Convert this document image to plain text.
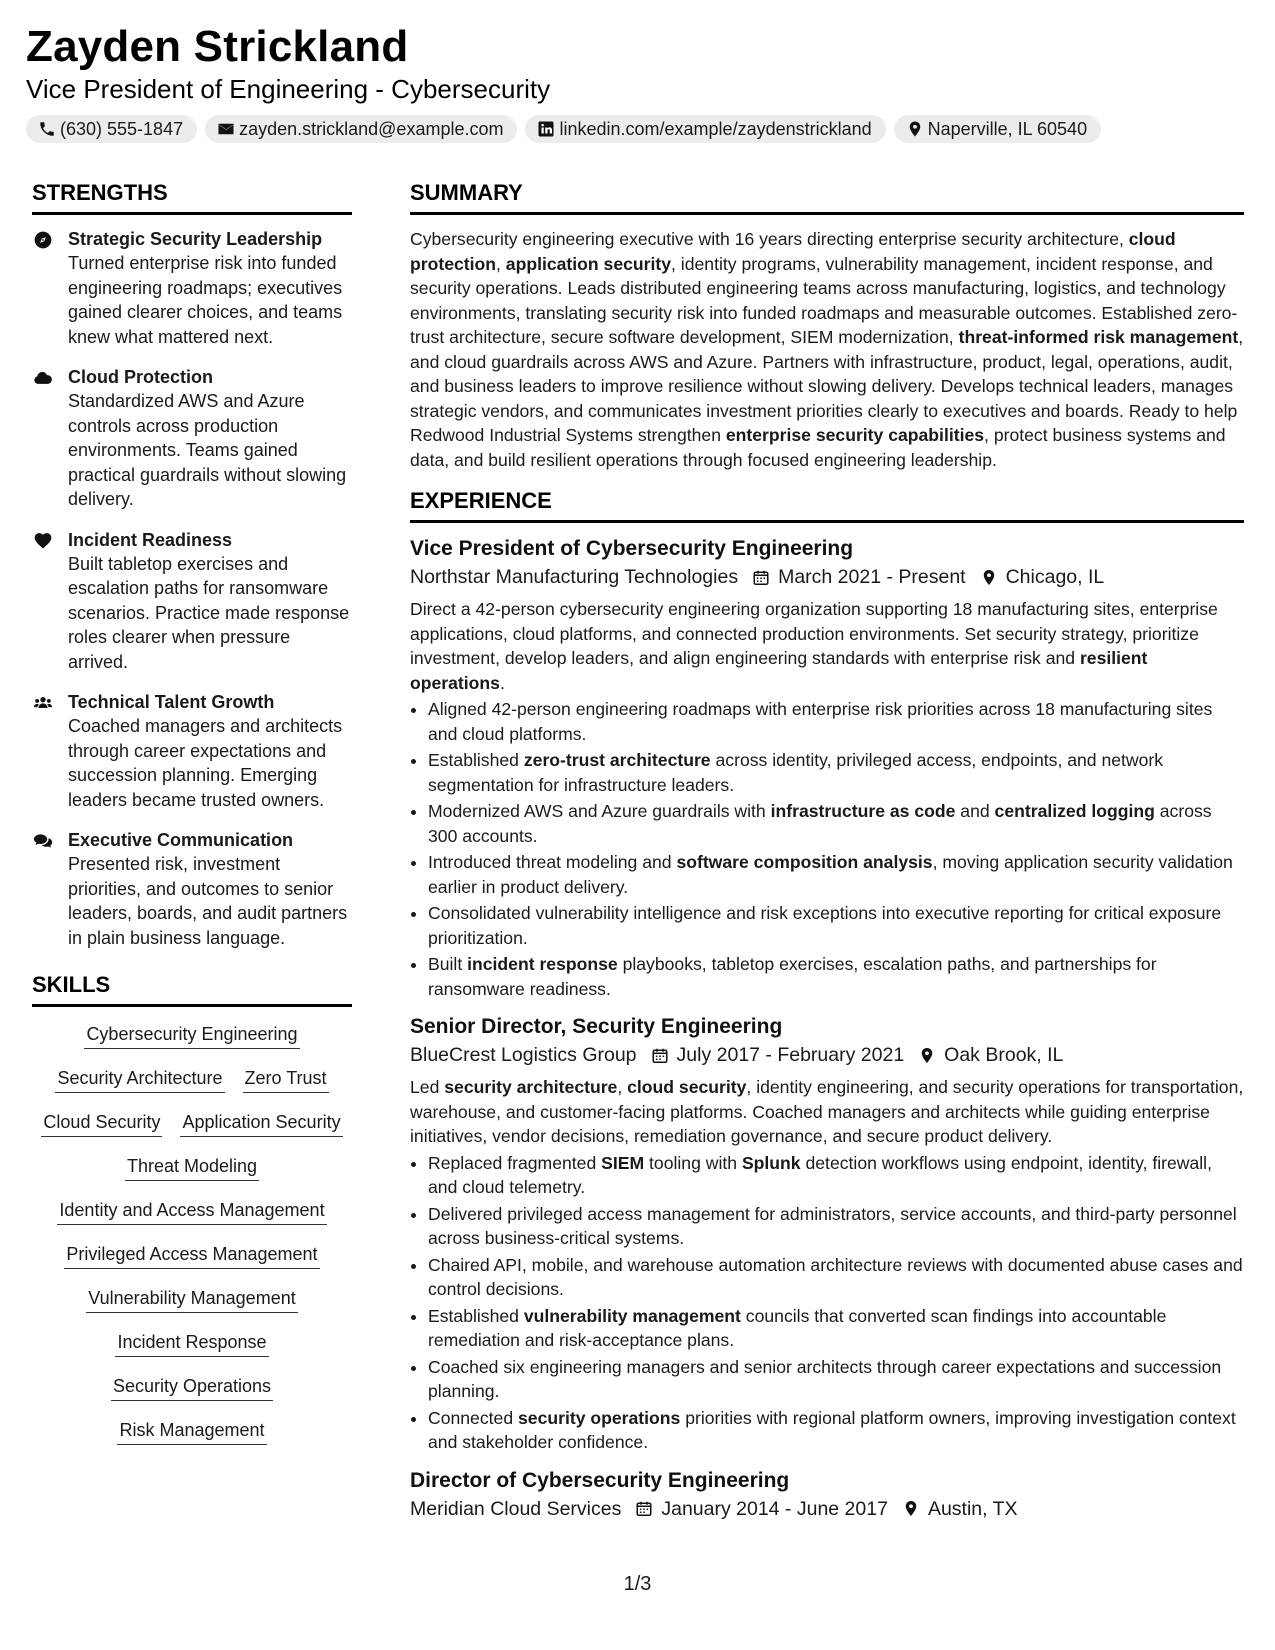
Zayden Strickland
Vice President of Engineering - Cybersecurity
(630) 555-1847	zayden.strickland@example.com	linkedin.com/example/zaydenstrickland	Naperville, IL 60540
STRENGTHS
Strategic Security Leadership
Turned enterprise risk into funded engineering roadmaps; executives gained clearer choices, and teams knew what mattered next.
Cloud Protection
Standardized AWS and Azure controls across production environments. Teams gained practical guardrails without slowing delivery.
Incident Readiness
Built tabletop exercises and escalation paths for ransomware scenarios. Practice made response roles clearer when pressure arrived.
Technical Talent Growth
Coached managers and architects through career expectations and succession planning. Emerging leaders became trusted owners.
Executive Communication
Presented risk, investment priorities, and outcomes to senior leaders, boards, and audit partners in plain business language.
SKILLS
Cybersecurity Engineering
Security Architecture Zero Trust
Cloud Security Application Security
Threat Modeling
Identity and Access Management
Privileged Access Management
Vulnerability Management
Incident Response
Security Operations
Risk Management
SUMMARY
Cybersecurity engineering executive with 16 years directing enterprise security architecture, cloud protection, application security, identity programs, vulnerability management, incident response, and security operations. Leads distributed engineering teams across manufacturing, logistics, and technology environments, translating security risk into funded roadmaps and measurable outcomes. Established zero-trust architecture, secure software development, SIEM modernization, threat-informed risk management, and cloud guardrails across AWS and Azure. Partners with infrastructure, product, legal, operations, audit, and business leaders to improve resilience without slowing delivery. Develops technical leaders, manages strategic vendors, and communicates investment priorities clearly to executives and boards. Ready to help Redwood Industrial Systems strengthen enterprise security capabilities, protect business systems and data, and build resilient operations through focused engineering leadership.
EXPERIENCE
Vice President of Cybersecurity Engineering
Northstar Manufacturing Technologies March 2021 - Present Chicago, IL
Direct a 42-person cybersecurity engineering organization supporting 18 manufacturing sites, enterprise applications, cloud platforms, and connected production environments. Set security strategy, prioritize investment, develop leaders, and align engineering standards with enterprise risk and resilient operations.
• Aligned 42-person engineering roadmaps with enterprise risk priorities across 18 manufacturing sites and cloud platforms.
• Established zero-trust architecture across identity, privileged access, endpoints, and network segmentation for infrastructure leaders.
• Modernized AWS and Azure guardrails with infrastructure as code and centralized logging across 300 accounts.
• Introduced threat modeling and software composition analysis, moving application security validation earlier in product delivery.
• Consolidated vulnerability intelligence and risk exceptions into executive reporting for critical exposure prioritization.
• Built incident response playbooks, tabletop exercises, escalation paths, and partnerships for ransomware readiness.
Senior Director, Security Engineering
BlueCrest Logistics Group July 2017 - February 2021 Oak Brook, IL
Led security architecture, cloud security, identity engineering, and security operations for transportation, warehouse, and customer-facing platforms. Coached managers and architects while guiding enterprise initiatives, vendor decisions, remediation governance, and secure product delivery.
• Replaced fragmented SIEM tooling with Splunk detection workflows using endpoint, identity, firewall, and cloud telemetry.
• Delivered privileged access management for administrators, service accounts, and third-party personnel across business-critical systems.
• Chaired API, mobile, and warehouse automation architecture reviews with documented abuse cases and control decisions.
• Established vulnerability management councils that converted scan findings into accountable remediation and risk-acceptance plans.
• Coached six engineering managers and senior architects through career expectations and succession planning.
• Connected security operations priorities with regional platform owners, improving investigation context and stakeholder confidence.
Director of Cybersecurity Engineering
Meridian Cloud Services January 2014 - June 2017 Austin, TX
1/3
